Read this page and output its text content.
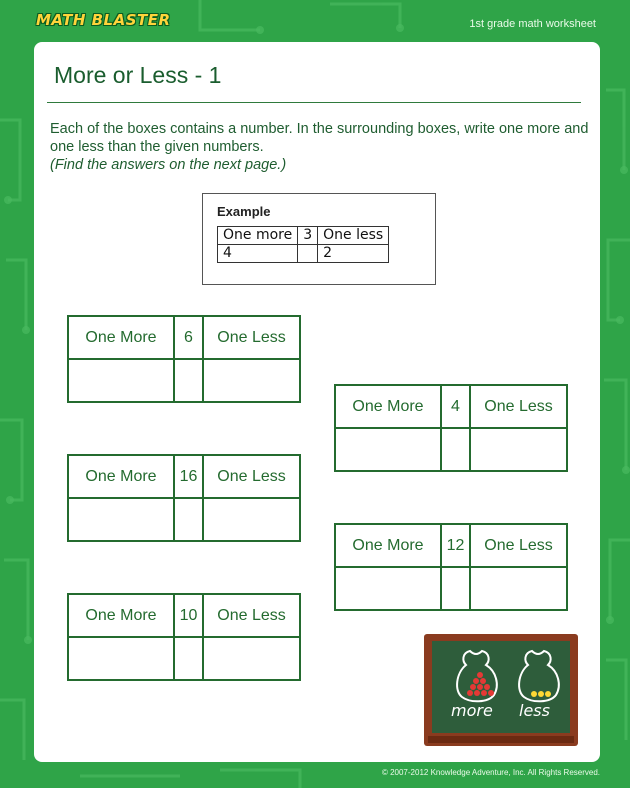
MATH BLASTER	1st grade math worksheet
More or Less - 1
Each of the boxes contains a number. In the surrounding boxes, write one more and one less than the given numbers.
(Find the answers on the next page.)
Example
One more	3	One less
4		2
One More	6	One Less

One More	4	One Less

One More	16	One Less

One More	12	One Less

One More	10	One Less

more less
© 2007-2012 Knowledge Adventure, Inc. All Rights Reserved.
